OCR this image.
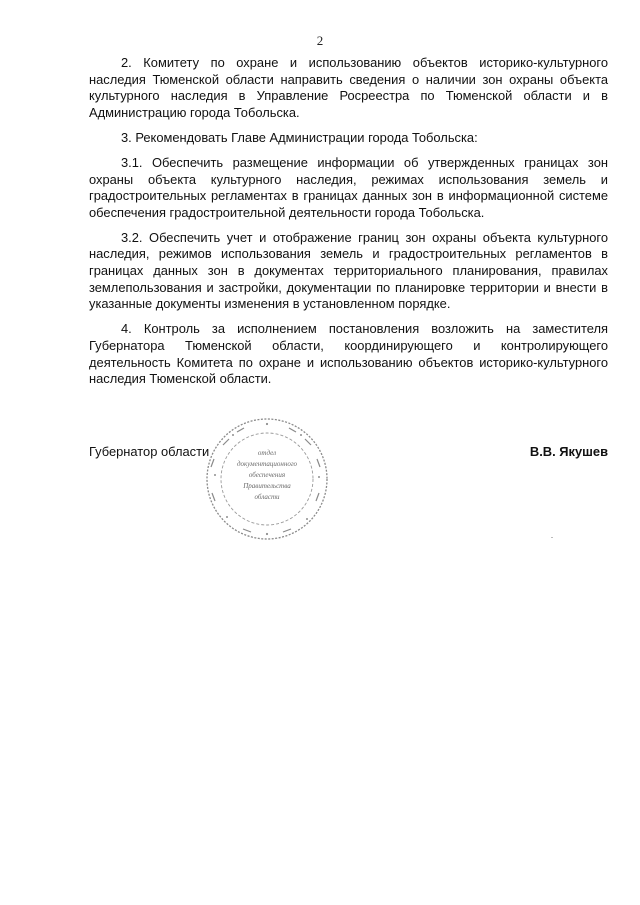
2

2. Комитету по охране и использованию объектов историко-культурного наследия Тюменской области направить сведения о наличии зон охраны объекта культурного наследия в Управление Росреестра по Тюменской области и в Администрацию города Тобольска.

3. Рекомендовать Главе Администрации города Тобольска:

3.1. Обеспечить размещение информации об утвержденных границах зон охраны объекта культурного наследия, режимах использования земель и градостроительных регламентах в границах данных зон в информационной системе обеспечения градостроительной деятельности города Тобольска.

3.2. Обеспечить учет и отображение границ зон охраны объекта культурного наследия, режимов использования земель и градостроительных регламентов в границах данных зон в документах территориального планирования, правилах землепользования и застройки, документации по планировке территории и внести в указанные документы изменения в установленном порядке.

4. Контроль за исполнением постановления возложить на заместителя Губернатора Тюменской области, координирующего и контролирующего деятельность Комитета по охране и использованию объектов историко-культурного наследия Тюменской области.

отдел
документационного
обеспечения
Правительства
области
Губернатор области	В.В. Якушев
